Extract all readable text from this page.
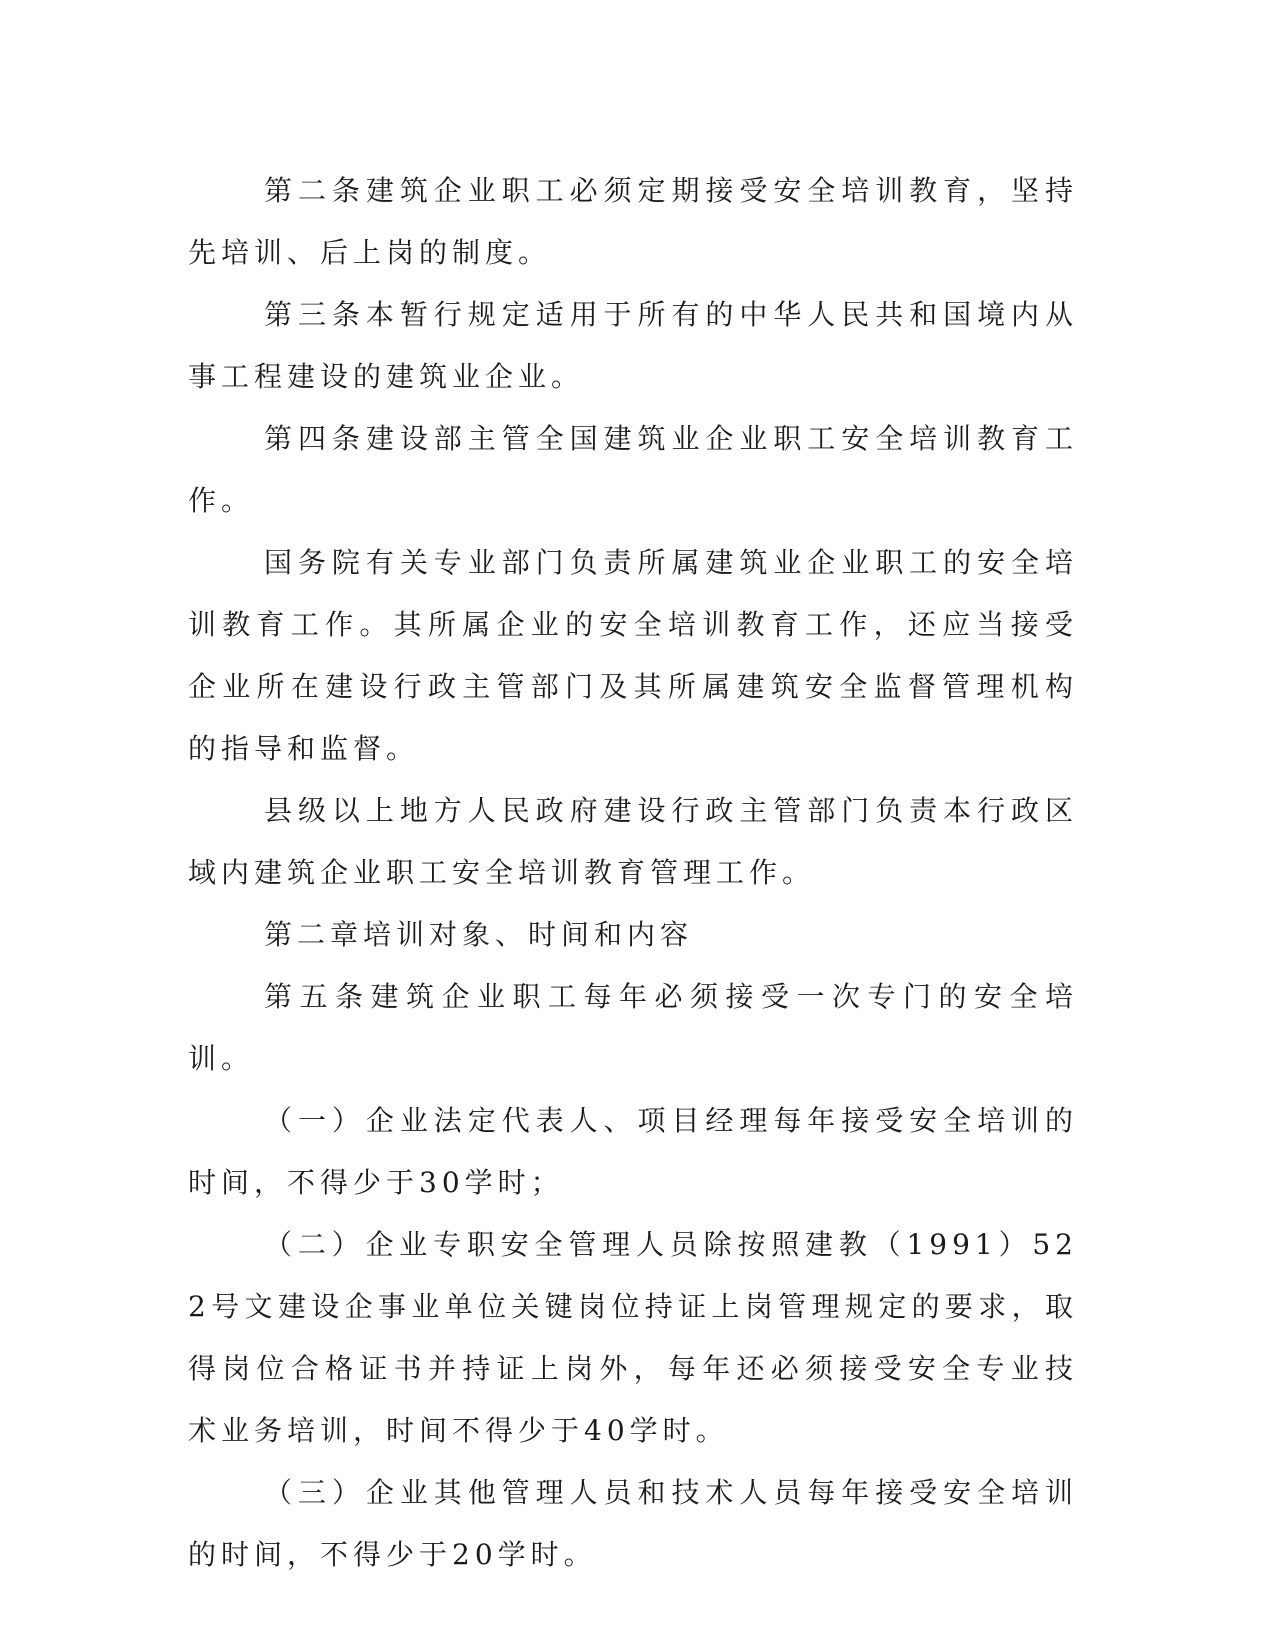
第二条建筑企业职工必须定期接受安全培训教育，坚持先培训、后上岗的制度。

第三条本暂行规定适用于所有的中华人民共和国境内从事工程建设的建筑业企业。

第四条建设部主管全国建筑业企业职工安全培训教育工作。

国务院有关专业部门负责所属建筑业企业职工的安全培训教育工作。其所属企业的安全培训教育工作，还应当接受企业所在建设行政主管部门及其所属建筑安全监督管理机构的指导和监督。

县级以上地方人民政府建设行政主管部门负责本行政区域内建筑企业职工安全培训教育管理工作。

第二章培训对象、时间和内容

第五条建筑企业职工每年必须接受一次专门的安全培训。

（一）企业法定代表人、项目经理每年接受安全培训的时间，不得少于30学时；

（二）企业专职安全管理人员除按照建教（1991）522号文建设企事业单位关键岗位持证上岗管理规定的要求，取得岗位合格证书并持证上岗外，每年还必须接受安全专业技术业务培训，时间不得少于40学时。

（三）企业其他管理人员和技术人员每年接受安全培训的时间，不得少于20学时。
